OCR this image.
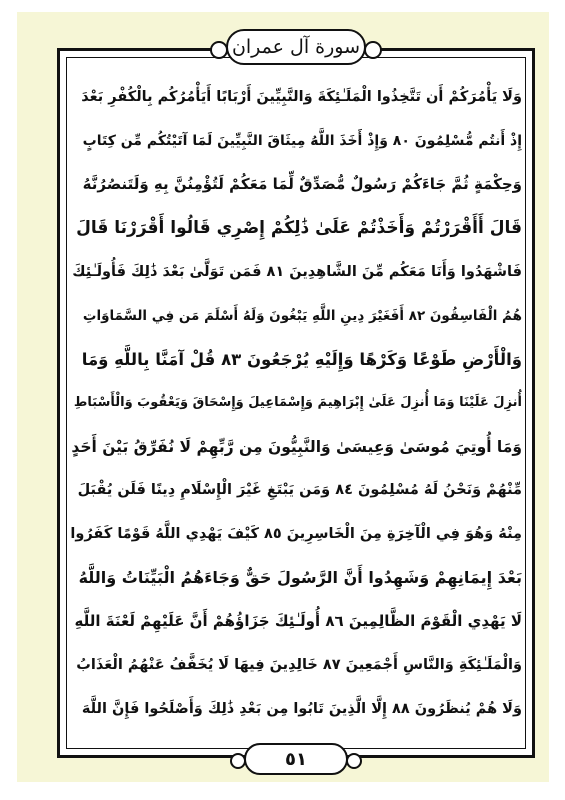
سورة آل عمران
وَلَا يَأْمُرَكُمْ أَن تَتَّخِذُوا الْمَلَـٰئِكَةَ وَالنَّبِيِّينَ أَرْبَابًا أَيَأْمُرُكُم بِالْكُفْرِ بَعْدَ
إِذْ أَنتُم مُّسْلِمُونَ ٨٠ وَإِذْ أَخَذَ اللَّهُ مِيثَاقَ النَّبِيِّينَ لَمَا آتَيْتُكُم مِّن كِتَابٍ
وَحِكْمَةٍ ثُمَّ جَاءَكُمْ رَسُولٌ مُّصَدِّقٌ لِّمَا مَعَكُمْ لَتُؤْمِنُنَّ بِهِ وَلَتَنصُرُنَّهُ
قَالَ أَأَقْرَرْتُمْ وَأَخَذْتُمْ عَلَىٰ ذَٰلِكُمْ إِصْرِي قَالُوا أَقْرَرْنَا قَالَ
فَاشْهَدُوا وَأَنَا مَعَكُم مِّنَ الشَّاهِدِينَ ٨١ فَمَن تَوَلَّىٰ بَعْدَ ذَٰلِكَ فَأُولَـٰئِكَ
هُمُ الْفَاسِقُونَ ٨٢ أَفَغَيْرَ دِينِ اللَّهِ يَبْغُونَ وَلَهُ أَسْلَمَ مَن فِي السَّمَاوَاتِ
وَالْأَرْضِ طَوْعًا وَكَرْهًا وَإِلَيْهِ يُرْجَعُونَ ٨٣ قُلْ آمَنَّا بِاللَّهِ وَمَا
أُنزِلَ عَلَيْنَا وَمَا أُنزِلَ عَلَىٰ إِبْرَاهِيمَ وَإِسْمَاعِيلَ وَإِسْحَاقَ وَيَعْقُوبَ وَالْأَسْبَاطِ
وَمَا أُوتِيَ مُوسَىٰ وَعِيسَىٰ وَالنَّبِيُّونَ مِن رَّبِّهِمْ لَا نُفَرِّقُ بَيْنَ أَحَدٍ
مِّنْهُمْ وَنَحْنُ لَهُ مُسْلِمُونَ ٨٤ وَمَن يَبْتَغِ غَيْرَ الْإِسْلَامِ دِينًا فَلَن يُقْبَلَ
مِنْهُ وَهُوَ فِي الْآخِرَةِ مِنَ الْخَاسِرِينَ ٨٥ كَيْفَ يَهْدِي اللَّهُ قَوْمًا كَفَرُوا
بَعْدَ إِيمَانِهِمْ وَشَهِدُوا أَنَّ الرَّسُولَ حَقٌّ وَجَاءَهُمُ الْبَيِّنَاتُ وَاللَّهُ
لَا يَهْدِي الْقَوْمَ الظَّالِمِينَ ٨٦ أُولَـٰئِكَ جَزَاؤُهُمْ أَنَّ عَلَيْهِمْ لَعْنَةَ اللَّهِ
وَالْمَلَـٰئِكَةِ وَالنَّاسِ أَجْمَعِينَ ٨٧ خَالِدِينَ فِيهَا لَا يُخَفَّفُ عَنْهُمُ الْعَذَابُ
وَلَا هُمْ يُنظَرُونَ ٨٨ إِلَّا الَّذِينَ تَابُوا مِن بَعْدِ ذَٰلِكَ وَأَصْلَحُوا فَإِنَّ اللَّهَ
٥١
